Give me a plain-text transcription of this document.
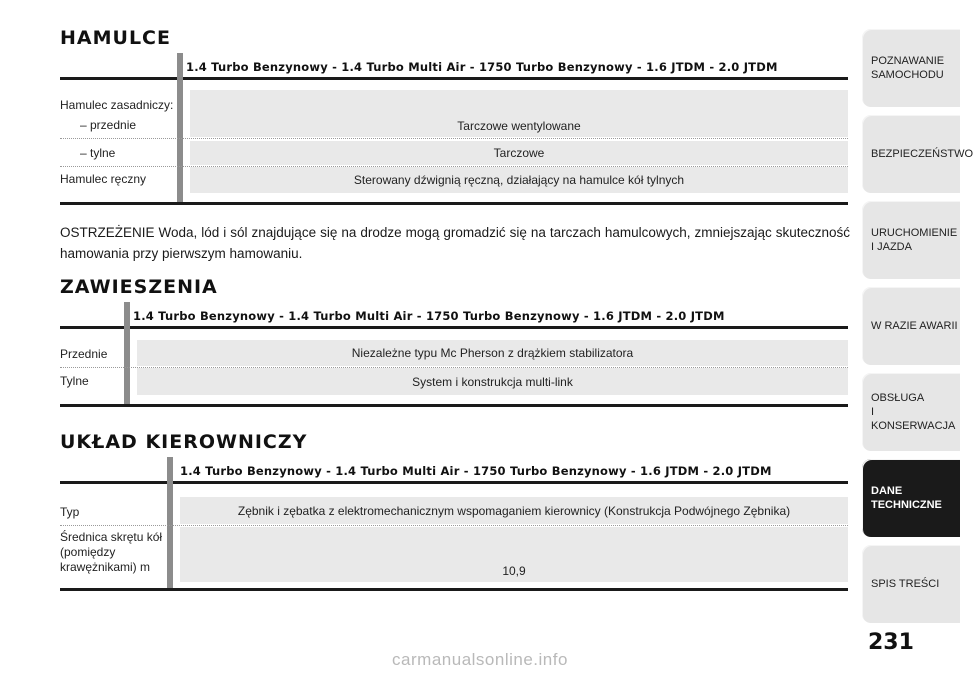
HAMULCE
1.4 Turbo Benzynowy - 1.4 Turbo Multi Air - 1750 Turbo Benzynowy - 1.6 JTDM - 2.0 JTDM
Hamulec zasadniczy:
– przednie	Tarczowe wentylowane
– tylne	Tarczowe
Hamulec ręczny	Sterowany dźwignią ręczną, działający na hamulce kół tylnych

OSTRZEŻENIE Woda, lód i sól znajdujące się na drodze mogą gromadzić się na tarczach hamulcowych, zmniejszając skuteczność hamowania przy pierwszym hamowaniu.

ZAWIESZENIA
1.4 Turbo Benzynowy - 1.4 Turbo Multi Air - 1750 Turbo Benzynowy - 1.6 JTDM - 2.0 JTDM
Przednie	Niezależne typu Mc Pherson z drążkiem stabilizatora
Tylne	System i konstrukcja multi-link
UKŁAD KIEROWNICZY
1.4 Turbo Benzynowy - 1.4 Turbo Multi Air - 1750 Turbo Benzynowy - 1.6 JTDM - 2.0 JTDM
Typ	Zębnik i zębatka z elektromechanicznym wspomaganiem kierownicy (Konstrukcja Podwójnego Zębnika)
Średnica skrętu kół
(pomiędzy
krawężnikami) m	10,9
POZNAWANIE
SAMOCHODU
BEZPIECZEŃSTWO
URUCHOMIENIE
I JAZDA
W RAZIE AWARII
OBSŁUGA
I KONSERWACJA
DANE
TECHNICZNE
SPIS TREŚCI
231
carmanualsonline.info
